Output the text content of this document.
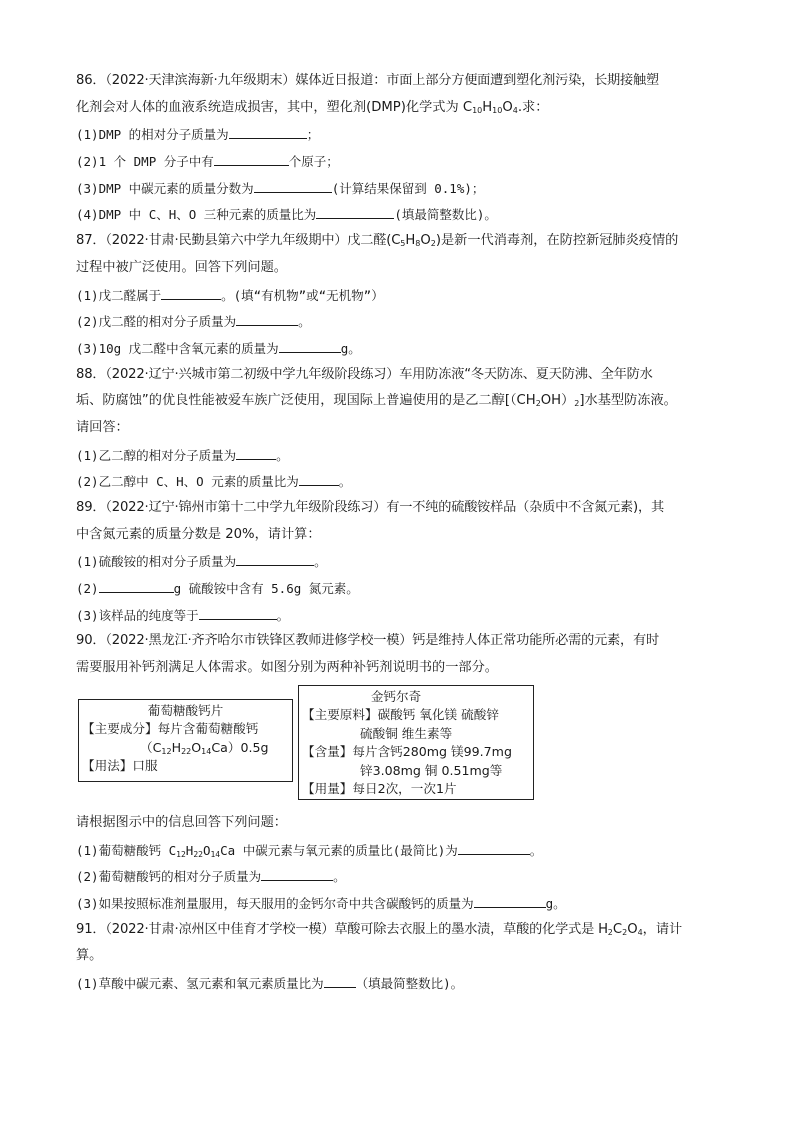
86．（2022·天津滨海新·九年级期末）媒体近日报道：市面上部分方便面遭到塑化剂污染，长期接触塑
化剂会对人体的血液系统造成损害，其中，塑化剂(DMP)化学式为 $C_{10}H_{10}O_4$.求：
(1)DMP 的相对分子质量为	；
(2)1 个 DMP 分子中有	个原子；
(3)DMP 中碳元素的质量分数为	(计算结果保留到 0.1%)；
(4)DMP 中 C、H、O 三种元素的质量比为	(填最简整数比)。
87．（2022·甘肃·民勤县第六中学九年级期中）戊二醛$(C_5H_8O_2)$是新一代消毒剂，在防控新冠肺炎疫情的
过程中被广泛使用。回答下列问题。
(1)戊二醛属于	。(填“有机物”或“无机物”）
(2)戊二醛的相对分子质量为	。
(3)10g 戊二醛中含氧元素的质量为	g。
88．（2022·辽宁·兴城市第二初级中学九年级阶段练习）车用防冻液“冬天防冻、夏天防沸、全年防水
垢、防腐蚀”的优良性能被爱车族广泛使用，现国际上普遍使用的是乙二醇$[(CH_2OH)_2]$水基型防冻液。
请回答：
(1)乙二醇的相对分子质量为	。
(2)乙二醇中 C、H、O 元素的质量比为	。
89．（2022·辽宁·锦州市第十二中学九年级阶段练习）有一不纯的硫酸铵样品（杂质中不含氮元素)，其
中含氮元素的质量分数是 20%，请计算：
(1)硫酸铵的相对分子质量为	。
(2)	g 硫酸铵中含有 5.6g 氮元素。
(3)该样品的纯度等于	。
90．（2022·黑龙江·齐齐哈尔市铁锋区教师进修学校一模）钙是维持人体正常功能所必需的元素，有时
需要服用补钙剂满足人体需求。如图分别为两种补钙剂说明书的一部分。
葡萄糖酸钙片
【主要成分】每片含葡萄糖酸钙
$(C_{12}H_{22}O_{14}Ca)0.5g$
【用法】口服
金钙尔奇
【主要原料】碳酸钙 氧化镁 硫酸锌
硫酸铜 维生素等
【含量】每片含钙280mg 镁99.7mg
锌3.08mg 铜 0.51mg等
【用量】每日2次，一次1片
请根据图示中的信息回答下列问题：
(1)葡萄糖酸钙 $C_{12}H_{22}O_{14}Ca$ 中碳元素与氧元素的质量比(最简比)为	。
(2)葡萄糖酸钙的相对分子质量为	。
(3)如果按照标准剂量服用，每天服用的金钙尔奇中共含碳酸钙的质量为	g。
91．（2022·甘肃·凉州区中佳育才学校一模）草酸可除去衣服上的墨水渍，草酸的化学式是 $H_2C_2O_4$，请计
算。
(1)草酸中碳元素、氢元素和氧元素质量比为	（填最简整数比)。
